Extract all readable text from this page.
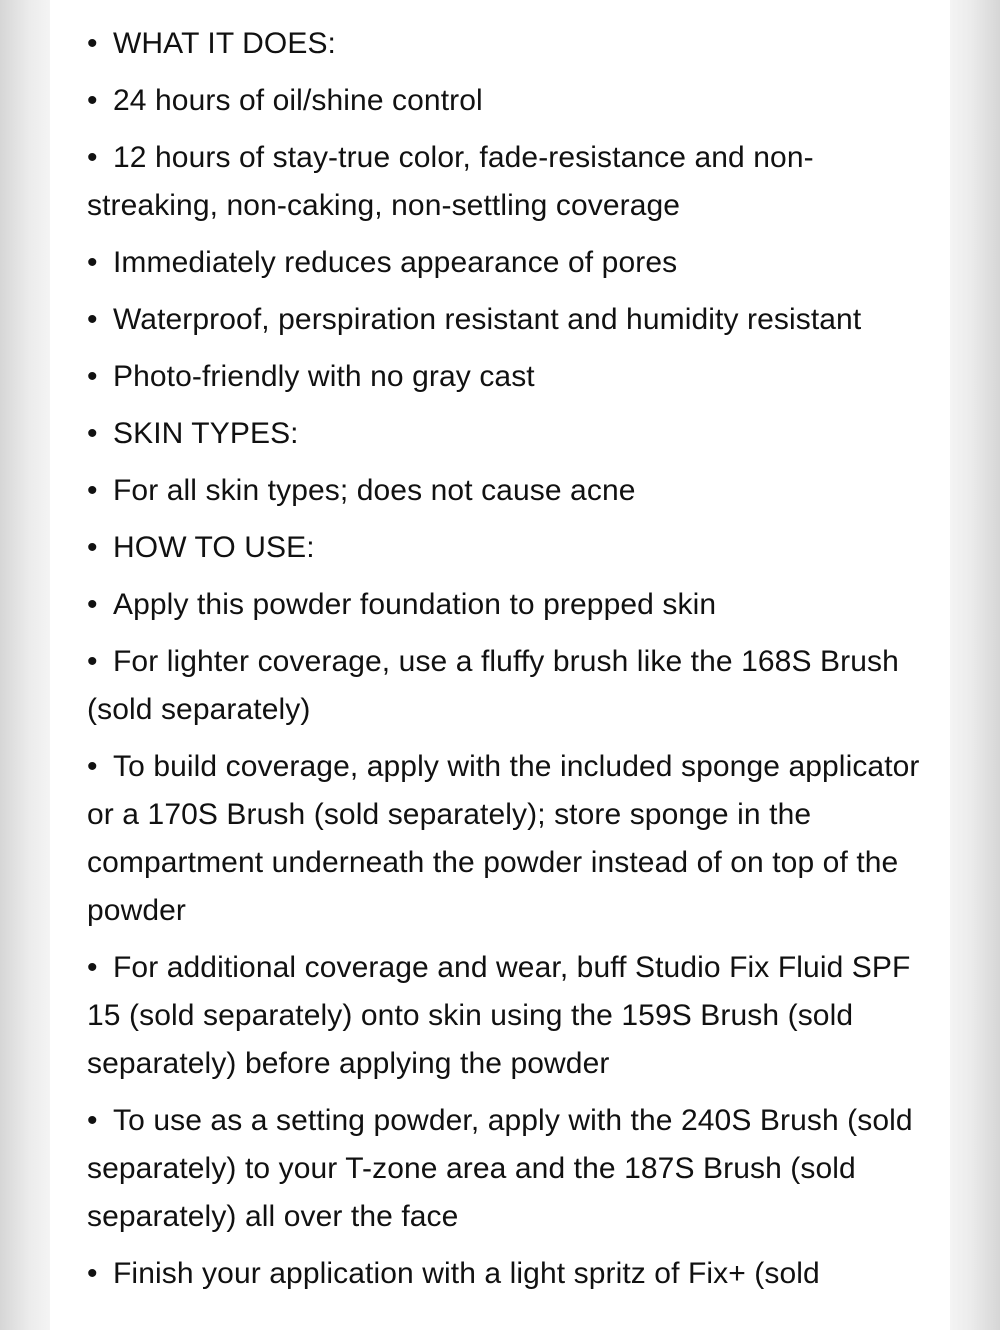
• WHAT IT DOES:

• 24 hours of oil/shine control

• 12 hours of stay-true color, fade-resistance and non-streaking, non-caking, non-settling coverage

• Immediately reduces appearance of pores

• Waterproof, perspiration resistant and humidity resistant

• Photo-friendly with no gray cast

• SKIN TYPES:

• For all skin types; does not cause acne

• HOW TO USE:

• Apply this powder foundation to prepped skin

• For lighter coverage, use a fluffy brush like the 168S Brush (sold separately)

• To build coverage, apply with the included sponge applicator or a 170S Brush (sold separately); store sponge in the compartment underneath the powder instead of on top of the powder

• For additional coverage and wear, buff Studio Fix Fluid SPF 15 (sold separately) onto skin using the 159S Brush (sold separately) before applying the powder

• To use as a setting powder, apply with the 240S Brush (sold separately) to your T-zone area and the 187S Brush (sold separately) all over the face

• Finish your application with a light spritz of Fix+ (sold
